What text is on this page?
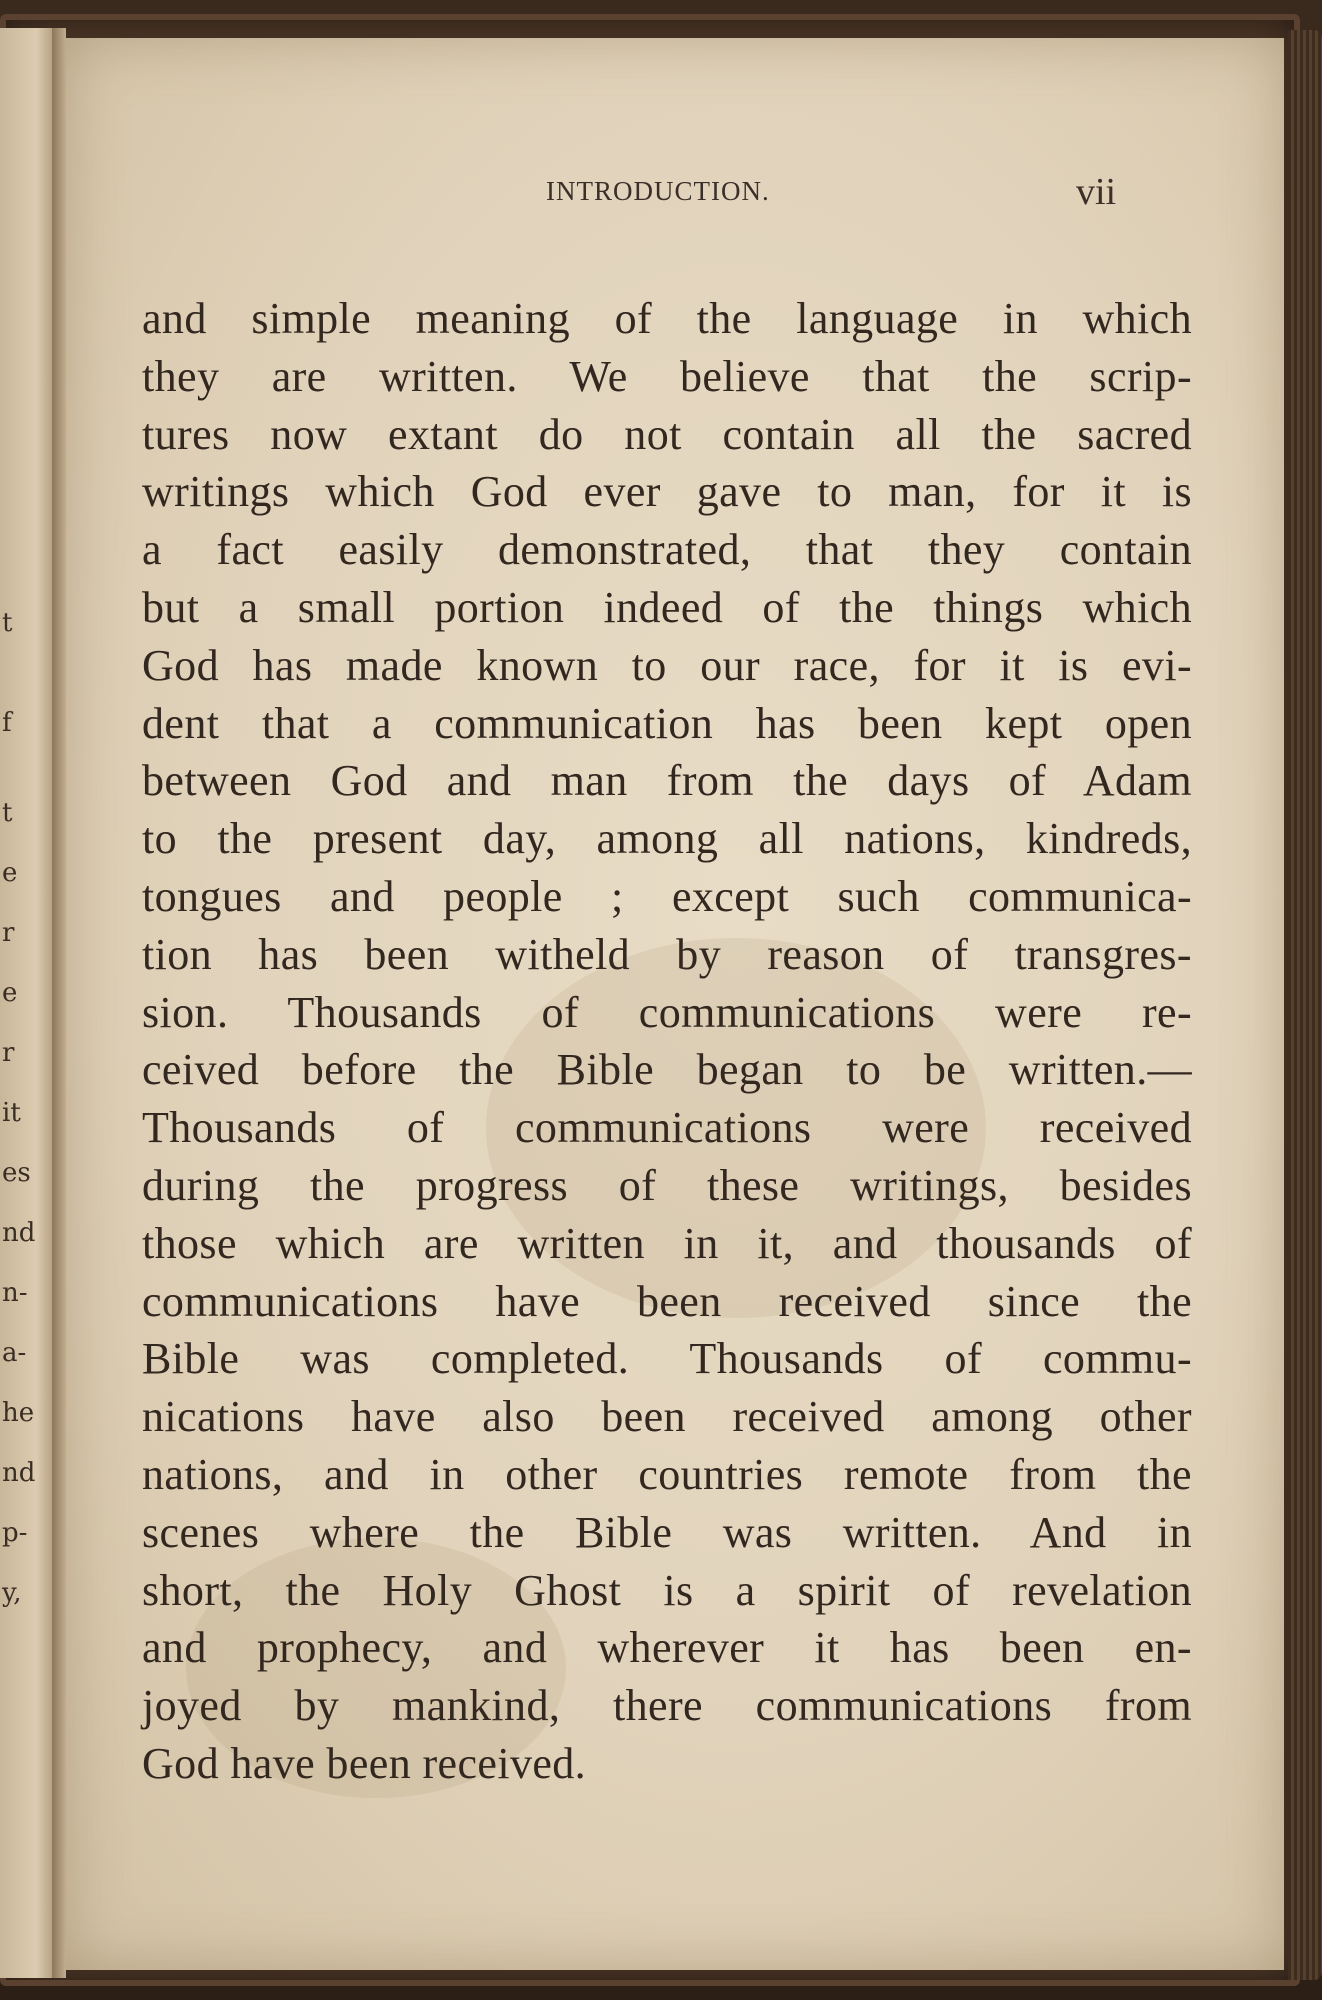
t
f
t
e
r
e
r
it
es
nd
n-
a-
he
nd
p-
y,
INTRODUCTION.	vii
and simple meaning of the language in which
they are written. We believe that the scrip-
tures now extant do not contain all the sacred
writings which God ever gave to man, for it is
a fact easily demonstrated, that they contain
but a small portion indeed of the things which
God has made known to our race, for it is evi-
dent that a communication has been kept open
between God and man from the days of Adam
to the present day, among all nations, kindreds,
tongues and people ; except such communica-
tion has been witheld by reason of transgres-
sion. Thousands of communications were re-
ceived before the Bible began to be written.—
Thousands of communications were received
during the progress of these writings, besides
those which are written in it, and thousands of
communications have been received since the
Bible was completed. Thousands of commu-
nications have also been received among other
nations, and in other countries remote from the
scenes where the Bible was written. And in
short, the Holy Ghost is a spirit of revelation
and prophecy, and wherever it has been en-
joyed by mankind, there communications from
God have been received.
